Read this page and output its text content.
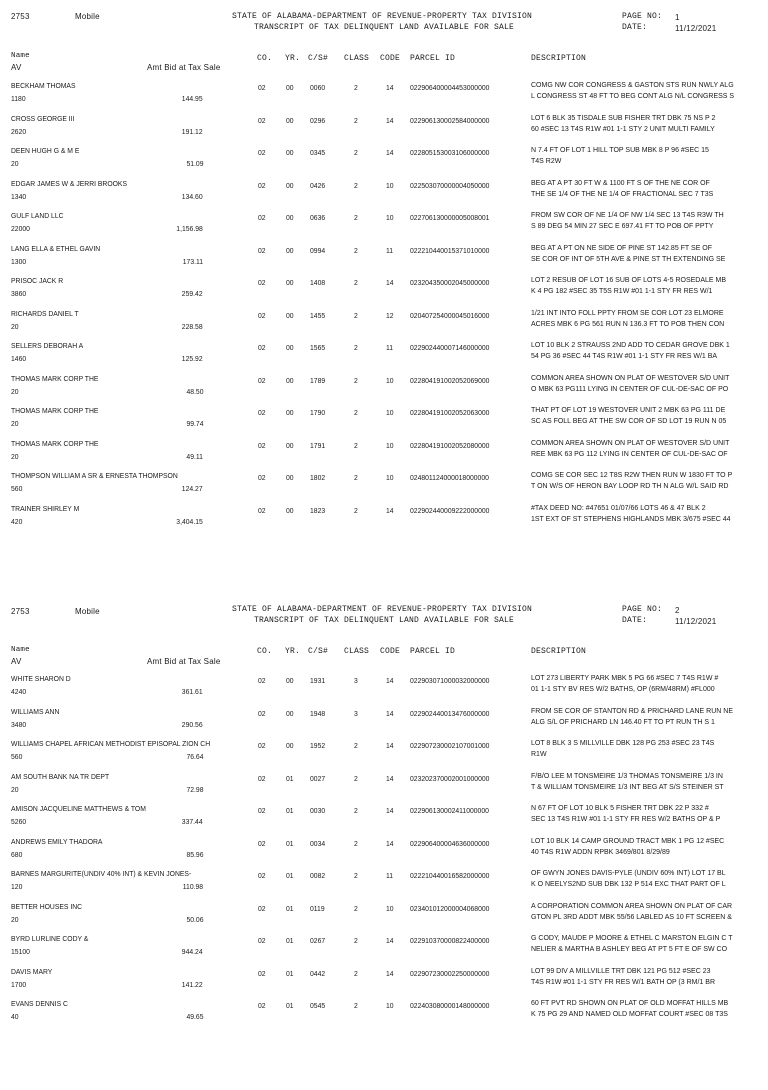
2753	Mobile	STATE OF ALABAMA-DEPARTMENT OF REVENUE-PROPERTY TAX DIVISION
TRANSCRIPT OF TAX DELINQUENT LAND AVAILABLE FOR SALE
PAGE NO: 1
DATE:	11/12/2021
Name
AV	Amt Bid at Tax Sale
CO. YR. C/S# CLASS CODE PARCEL ID	DESCRIPTION
BECKHAM THOMAS
1180	144.95
02	00 0060	2	14 022906400004453000000	COMG NW COR CONGRESS & GASTON STS RUN NWLY ALG
L CONGRESS ST 48 FT TO BEG CONT ALG N/L CONGRESS S
CROSS GEORGE III
2620	191.12
02	00 0296	2	14 022906130002584000000	LOT 6 BLK 35 TISDALE SUB FISHER TRT DBK 75 NS P 2
60 #SEC 13 T4S R1W #01 1-1 STY 2 UNIT MULTI FAMILY
DEEN HUGH G & M E
20	51.09
02	00 0345	2	14 022805153003106000000	N 7.4 FT OF LOT 1 HILL TOP SUB MBK 8 P 96 #SEC 15
T4S R2W
EDGAR JAMES W & JERRI BROOKS
1340	134.60
02	00 0426	2	10 022503070000004050000	BEG AT A PT 30 FT W & 1100 FT S OF THE NE COR OF
THE SE 1/4 OF THE NE 1/4 OF FRACTIONAL SEC 7 T3S
GULF LAND LLC
22000	1,156.98
02	00 0636	2	10 022706130000005008001	FROM SW COR OF NE 1/4 OF NW 1/4 SEC 13 T4S R3W TH
S 89 DEG 54 MIN 27 SEC E 697.41 FT TO POB OF PPTY
LANG ELLA & ETHEL GAVIN
1300	173.11
02	00 0994	2	11 022210440015371010000	BEG AT A PT ON NE SIDE OF PINE ST 142.85 FT SE OF
SE COR OF INT OF 5TH AVE & PINE ST TH EXTENDING SE
PRISOC JACK R
3860	259.42
02	00 1408	2	14 023204350002045000000	LOT 2 RESUB OF LOT 16 SUB OF LOTS 4-5 ROSEDALE MB
K 4 PG 182 #SEC 35 T5S R1W #01 1-1 STY FR RES W/1
RICHARDS DANIEL T
20	228.58
02	00 1455	2	12 020407254000045016000	1/21 INT INTO FOLL PPTY FROM SE COR LOT 23 ELMORE
ACRES MBK 6 PG 561 RUN N 136.3 FT TO POB THEN CON
SELLERS DEBORAH A
1460	125.92
02	00 1565	2	11 022902440007146000000	LOT 10 BLK 2 STRAUSS 2ND ADD TO CEDAR GROVE DBK 1
54 PG 36 #SEC 44 T4S R1W #01 1-1 STY FR RES W/1 BA
THOMAS MARK CORP THE
20	48.50
02	00 1789	2	10 022804191002052069000	COMMON AREA SHOWN ON PLAT OF WESTOVER S/D UNIT
O MBK 63 PG111 LYING IN CENTER OF CUL-DE-SAC OF PO
THOMAS MARK CORP THE
20	99.74
02	00 1790	2	10 022804191002052063000	THAT PT OF LOT 19 WESTOVER UNIT 2 MBK 63 PG 111 DE
SC AS FOLL BEG AT THE SW COR OF SD LOT 19 RUN N 05
THOMAS MARK CORP THE
20	49.11
02	00 1791	2	10 022804191002052080000	COMMON AREA SHOWN ON PLAT OF WESTOVER S/D UNIT
REE MBK 63 PG 112 LYING IN CENTER OF CUL-DE-SAC OF
THOMPSON WILLIAM A SR & ERNESTA THOMPSON
560	124.27
02	00 1802	2	10 024801124000018000000	COMG SE COR SEC 12 T8S R2W THEN RUN W 1830 FT TO P
T ON W/S OF HERON BAY LOOP RD TH N ALG W/L SAID RD
TRAINER SHIRLEY M
420	3,404.15
02	00 1823	2	14 022902440009222000000	#TAX DEED NO: #47651 01/07/66 LOTS 46 & 47 BLK 2
1ST EXT OF ST STEPHENS HIGHLANDS MBK 3/675 #SEC 44
2753	Mobile	STATE OF ALABAMA-DEPARTMENT OF REVENUE-PROPERTY TAX DIVISION
TRANSCRIPT OF TAX DELINQUENT LAND AVAILABLE FOR SALE
PAGE NO: 2
DATE:	11/12/2021
Name
AV	Amt Bid at Tax Sale
CO. YR. C/S# CLASS CODE PARCEL ID	DESCRIPTION
WHITE SHARON D
4240	361.61
02	00 1931	3	14 022903071000032000000	LOT 273 LIBERTY PARK MBK 5 PG 66 #SEC 7 T4S R1W #
01 1-1 STY BV RES W/2 BATHS, OP (6RM/48RM) #FL000
WILLIAMS ANN
3480	290.56
02	00 1948	3	14 022902440013476000000	FROM SE COR OF STANTON RD & PRICHARD LANE RUN NE
ALG S/L OF PRICHARD LN 146.40 FT TO PT RUN TH S 1
WILLIAMS CHAPEL AFRICAN METHODIST EPISOPAL ZION CH
560	76.64
02	00 1952	2	14 022907230002107001000	LOT 8 BLK 3 S MILLVILLE DBK 128 PG 253 #SEC 23 T4S
R1W
AM SOUTH BANK NA TR DEPT
20	72.98
02	01 0027	2	14 023202370002001000000	F/B/O LEE M TONSMEIRE 1/3 THOMAS TONSMEIRE 1/3 IN
T & WILLIAM TONSMEIRE 1/3 INT BEG AT S/S STEINER ST
AMISON JACQUELINE MATTHEWS & TOM
5260	337.44
02	01 0030	2	14 022906130002411000000	N 67 FT OF LOT 10 BLK 5 FISHER TRT DBK 22 P 332 #
SEC 13 T4S R1W #01 1-1 STY FR RES W/2 BATHS OP & P
ANDREWS EMILY THADORA
680	85.96
02	01 0034	2	14 022906400004636000000	LOT 10 BLK 14 CAMP GROUND TRACT MBK 1 PG 12 #SEC
40 T4S R1W ADDN RPBK 3469/801 8/29/89
BARNES MARGURITE(UNDIV 40% INT) & KEVIN JONES-
120	110.98
02	01 0082	2	11 022210440016582000000	OF GWYN JONES DAVIS-PYLE (UNDIV 60% INT) LOT 17 BL
K O NEELYS2ND SUB DBK 132 P 514 EXC THAT PART OF L
BETTER HOUSES INC
20	50.06
02	01 0119	2	10 023401012000004068000	A CORPORATION COMMON AREA SHOWN ON PLAT OF CAR
GTON PL 3RD ADDT MBK 55/56 LABLED AS 10 FT SCREEN &
BYRD LURLINE CODY &
15100	944.24
02	01 0267	2	14 022910370000822400000	G CODY, MAUDE P MOORE & ETHEL C MARSTON ELGIN C T
NELIER & MARTHA B ASHLEY BEG AT PT 5 FT E OF SW CO
DAVIS MARY
1700	141.22
02	01 0442	2	14 022907230002250000000	LOT 99 DIV A MILLVILLE TRT DBK 121 PG 512 #SEC 23
T4S R1W #01 1-1 STY FR RES W/1 BATH OP (3 RM/1 BR
EVANS DENNIS C
40	49.65
02	01 0545	2	10 022403080000148000000	60 FT PVT RD SHOWN ON PLAT OF OLD MOFFAT HILLS MB
K 75 PG 29 AND NAMED OLD MOFFAT COURT #SEC 08 T3S
